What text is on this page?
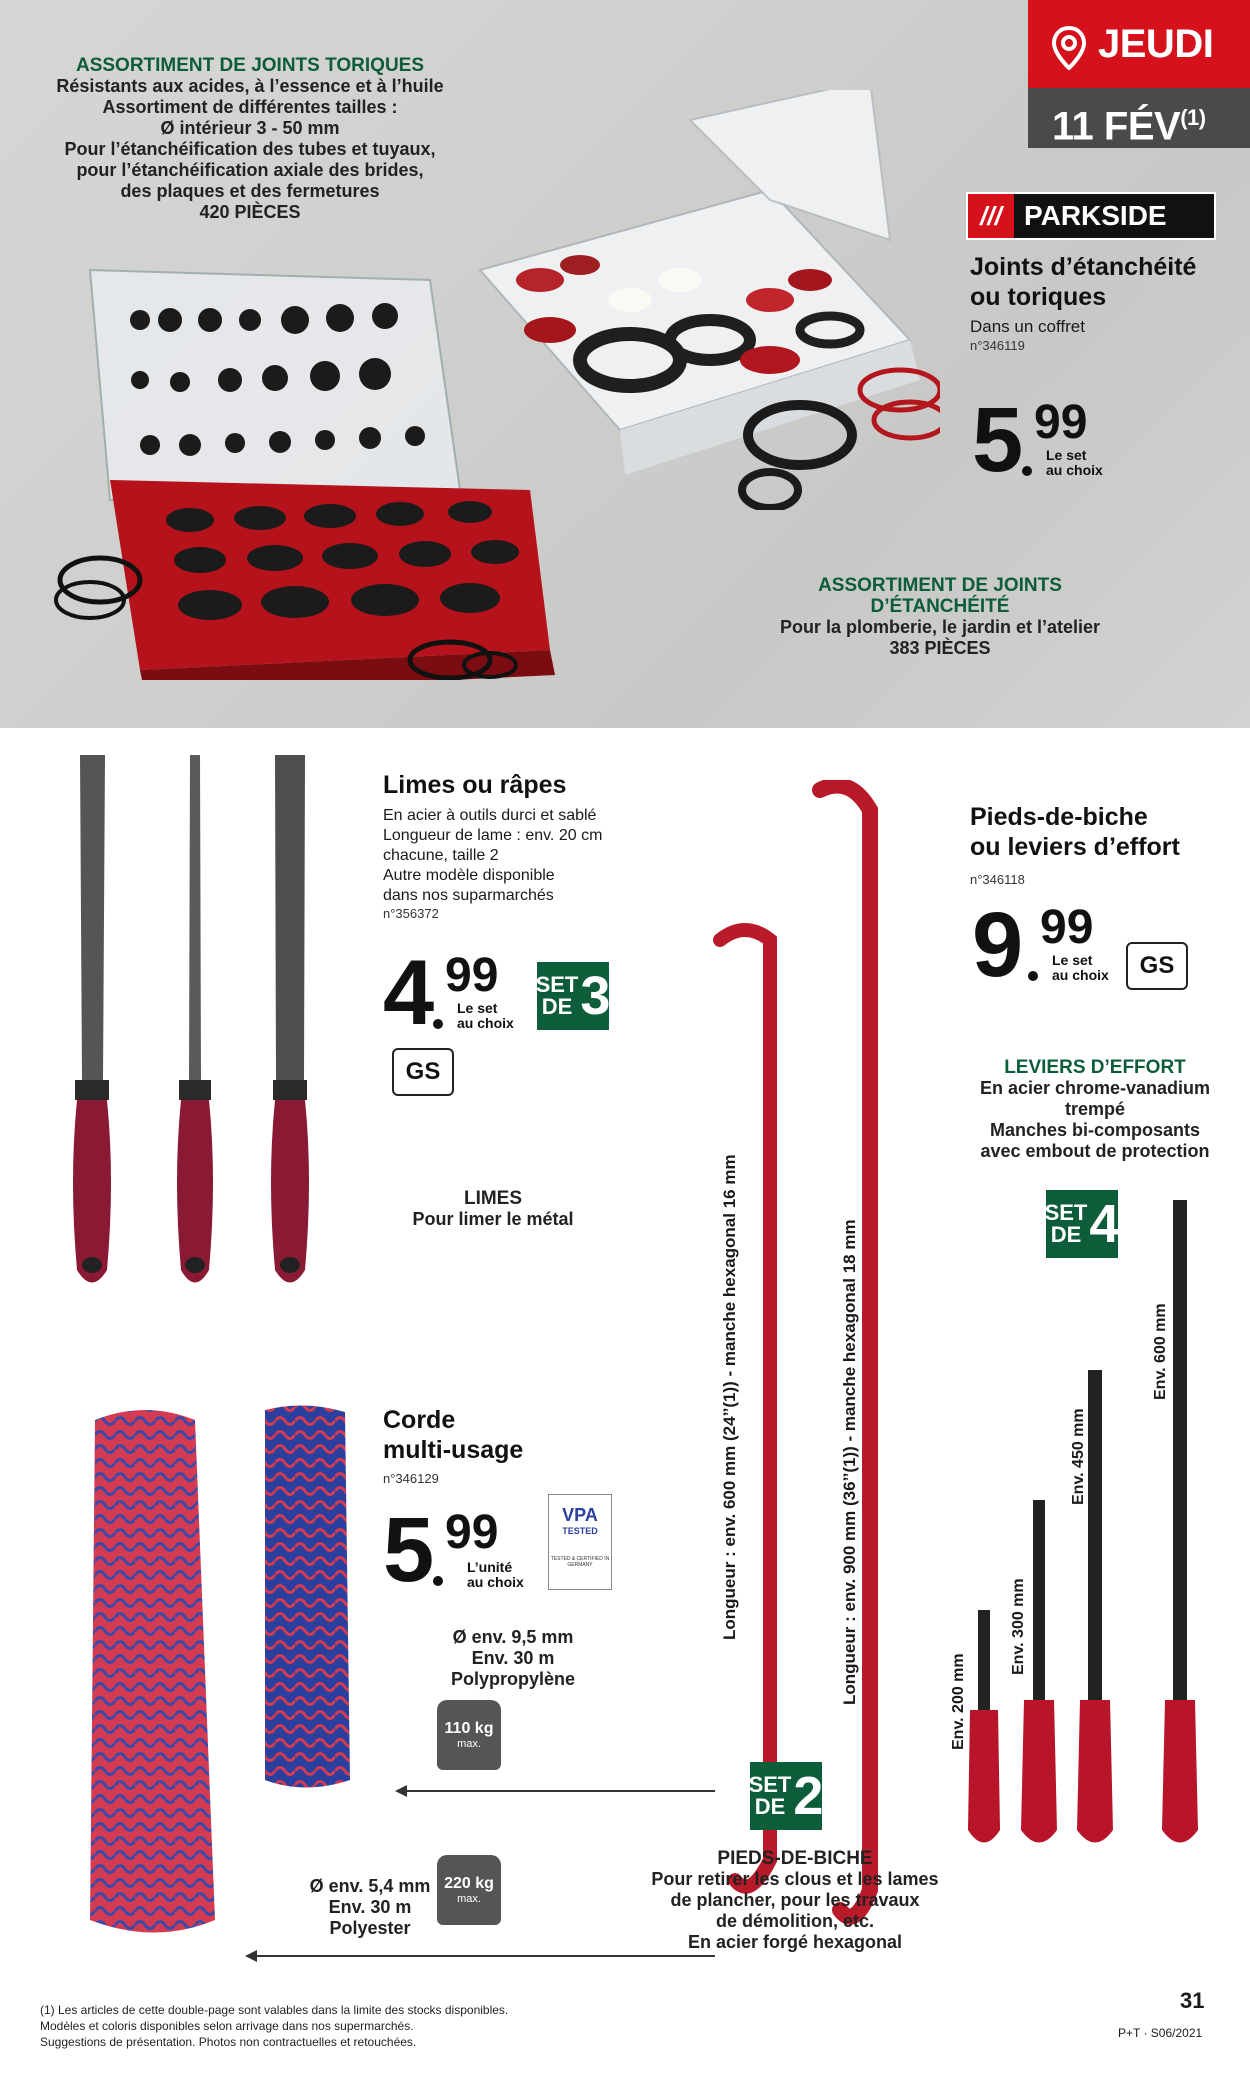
ASSORTIMENT DE JOINTS TORIQUES
Résistants aux acides, à l’essence et à l’huile
Assortiment de différentes tailles :
Ø intérieur 3 - 50 mm
Pour l’étanchéification des tubes et tuyaux,
pour l’étanchéification axiale des brides,
des plaques et des fermetures
420 PIÈCES
JEUDI
11 FÉV$^{(1)}$
/// PARKSIDE
Joints d’étanchéité
ou toriques
Dans un coffret
n°346119
5 99
Le set
au choix
ASSORTIMENT DE JOINTS
D’ÉTANCHÉITÉ
Pour la plomberie, le jardin et l’atelier
383 PIÈCES
Limes ou râpes
En acier à outils durci et sablé
Longueur de lame : env. 20 cm
chacune, taille 2
Autre modèle disponible
dans nos suparmarchés
n°356372
4 99
Le set
au choix
SET
DE 3
GS
LIMES
Pour limer le métal
Pieds-de-biche
ou leviers d’effort
n°346118
9 99
Le set
au choix GS
LEVIERS D’EFFORT
En acier chrome-vanadium
trempé
Manches bi-composants
avec embout de protection
SET
DE 4
Longueur : env. 600 mm (24’’(1)) - manche hexagonal 16 mm	Longueur : env. 900 mm (36’’(1)) - manche hexagonal 18 mm	Env. 600 mm
Env. 450 mm
Env. 300 mm
Env. 200 mm
SET
DE 2
PIEDS-DE-BICHE
Pour retirer les clous et les lames
de plancher, pour les travaux
de démolition, etc.
En acier forgé hexagonal
Corde
multi-usage
n°346129
5 99
L’unité
au choix
VPA
TESTED
TESTED & CERTIFIED IN GERMANY
Ø env. 9,5 mm
Env. 30 m
Polypropylène
110 kg
max.
Ø env. 5,4 mm
Env. 30 m
Polyester
220 kg
max.
(1) Les articles de cette double-page sont valables dans la limite des stocks disponibles.
Modèles et coloris disponibles selon arrivage dans nos supermarchés.
Suggestions de présentation. Photos non contractuelles et retouchées.
31
P+T · S06/2021
